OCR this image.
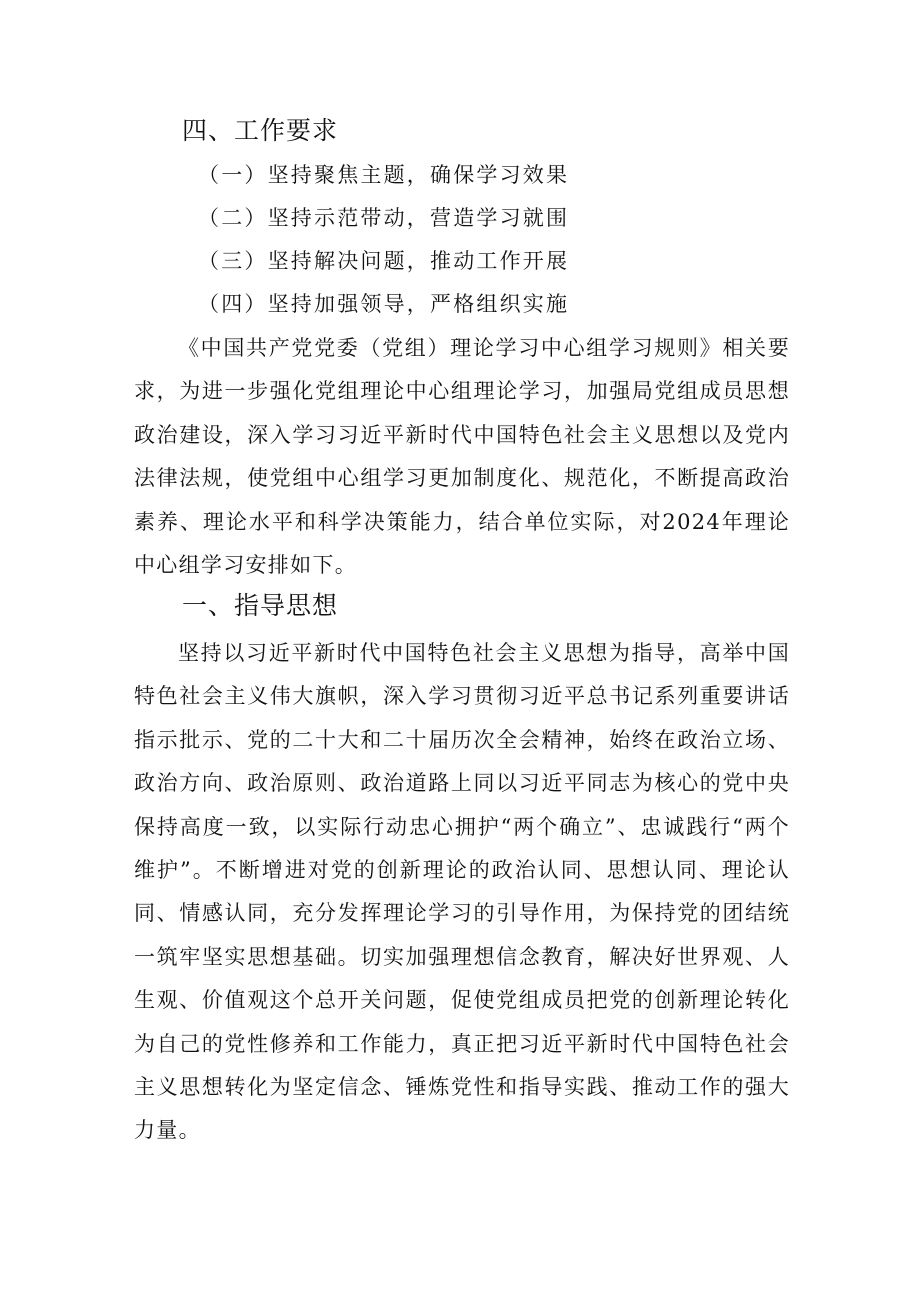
四、工作要求
（一）坚持聚焦主题，确保学习效果
（二）坚持示范带动，营造学习就围
（三）坚持解决问题，推动工作开展
（四）坚持加强领导，严格组织实施

《中国共产党党委（党组）理论学习中心组学习规则》相关要求，为进一步强化党组理论中心组理论学习，加强局党组成员思想政治建设，深入学习习近平新时代中国特色社会主义思想以及党内法律法规，使党组中心组学习更加制度化、规范化，不断提高政治素养、理论水平和科学决策能力，结合单位实际，对2024年理论中心组学习安排如下。

一、指导思想

坚持以习近平新时代中国特色社会主义思想为指导，高举中国特色社会主义伟大旗帜，深入学习贯彻习近平总书记系列重要讲话指示批示、党的二十大和二十届历次全会精神，始终在政治立场、政治方向、政治原则、政治道路上同以习近平同志为核心的党中央保持高度一致，以实际行动忠心拥护“两个确立”、忠诚践行“两个维护”。不断增进对党的创新理论的政治认同、思想认同、理论认同、情感认同，充分发挥理论学习的引导作用，为保持党的团结统一筑牢坚实思想基础。切实加强理想信念教育，解决好世界观、人生观、价值观这个总开关问题，促使党组成员把党的创新理论转化为自己的党性修养和工作能力，真正把习近平新时代中国特色社会主义思想转化为坚定信念、锤炼党性和指导实践、推动工作的强大力量。
